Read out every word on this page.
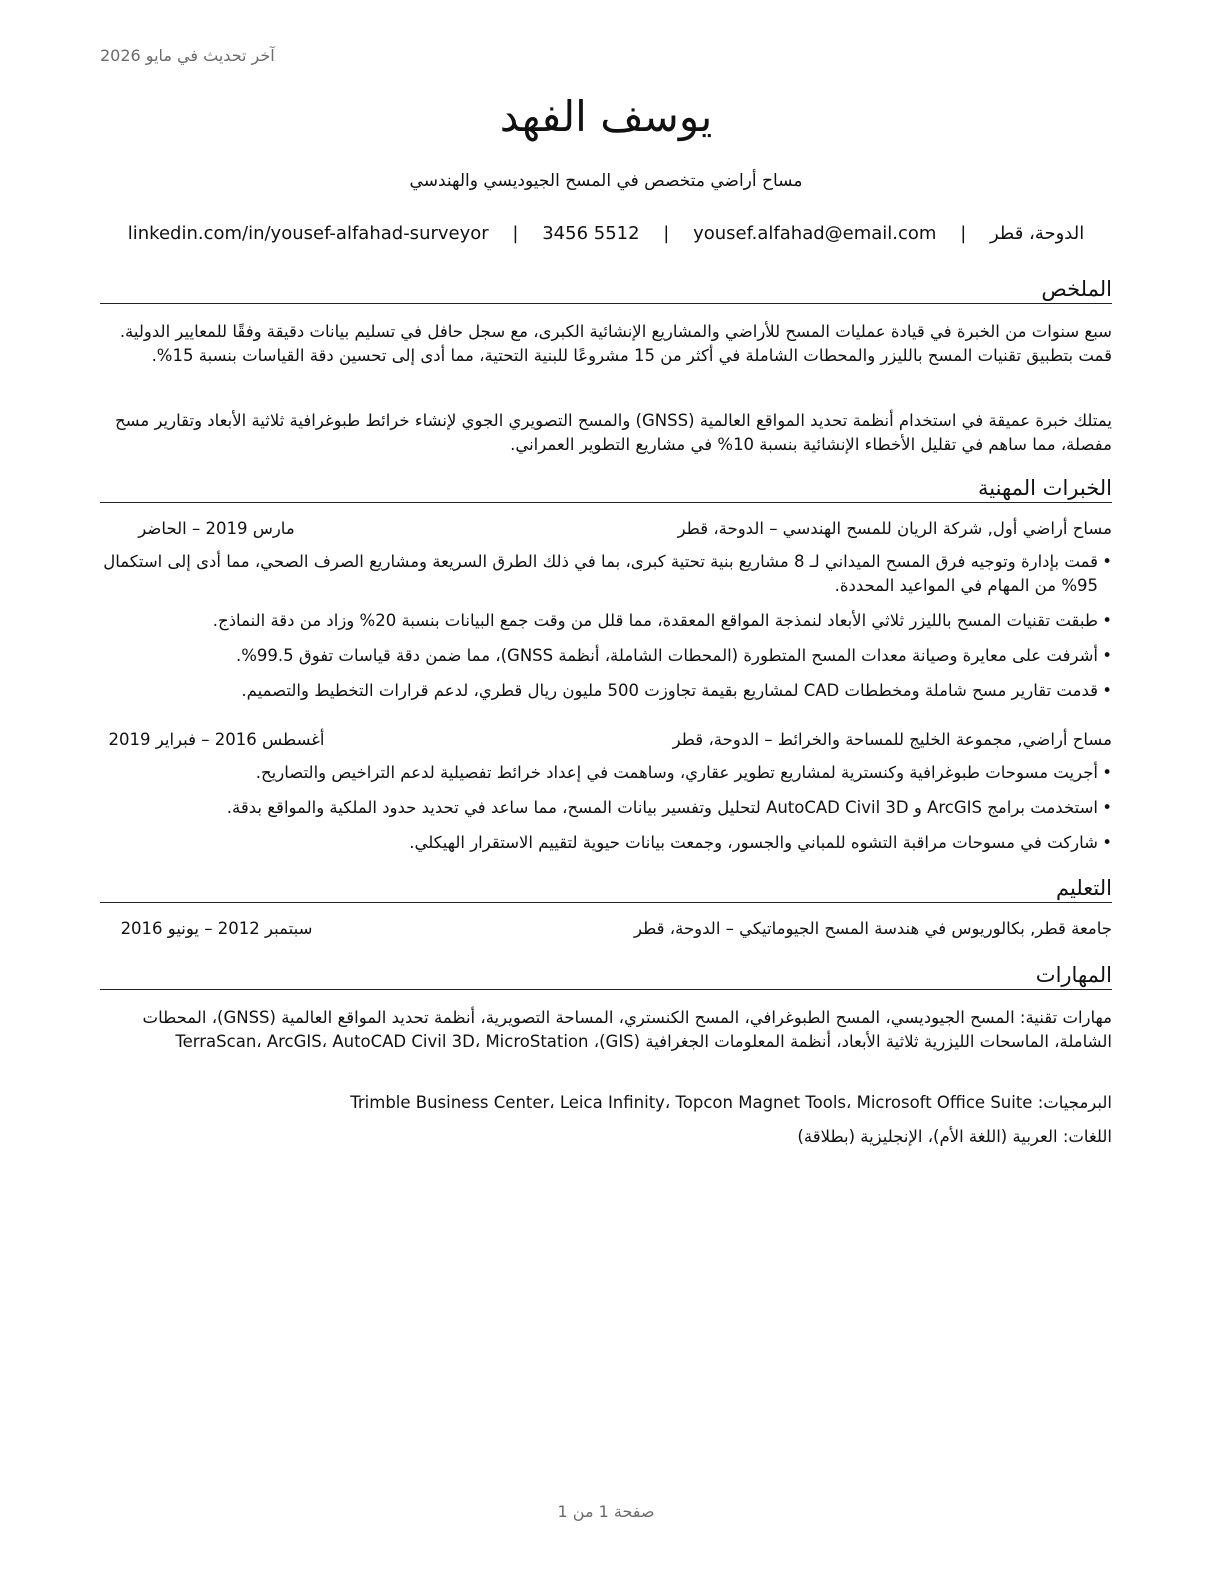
آخر تحديث في مايو 2026
يوسف الفهد
مساح أراضي متخصص في المسح الجيوديسي والهندسي
الدوحة، قطر | yousef.alfahad@email.com | 3456 5512 | linkedin.com/in/yousef-alfahad-surveyor
الملخص
سبع سنوات من الخبرة في قيادة عمليات المسح للأراضي والمشاريع الإنشائية الكبرى، مع سجل حافل في تسليم بيانات دقيقة وفقًا للمعايير الدولية. قمت بتطبيق تقنيات المسح بالليزر والمحطات الشاملة في أكثر من 15 مشروعًا للبنية التحتية، مما أدى إلى تحسين دقة القياسات بنسبة 15%.
يمتلك خبرة عميقة في استخدام أنظمة تحديد المواقع العالمية (GNSS) والمسح التصويري الجوي لإنشاء خرائط طبوغرافية ثلاثية الأبعاد وتقارير مسح مفصلة، مما ساهم في تقليل الأخطاء الإنشائية بنسبة 10% في مشاريع التطوير العمراني.
الخبرات المهنية
مساح أراضي أول, شركة الريان للمسح الهندسي – الدوحة، قطر
مارس 2019 – الحاضر
• قمت بإدارة وتوجيه فرق المسح الميداني لـ 8 مشاريع بنية تحتية كبرى، بما في ذلك الطرق السريعة ومشاريع الصرف الصحي، مما أدى إلى استكمال 95% من المهام في المواعيد المحددة.
• طبقت تقنيات المسح بالليزر ثلاثي الأبعاد لنمذجة المواقع المعقدة، مما قلل من وقت جمع البيانات بنسبة 20% وزاد من دقة النماذج.
• أشرفت على معايرة وصيانة معدات المسح المتطورة (المحطات الشاملة، أنظمة GNSS)، مما ضمن دقة قياسات تفوق 99.5%.
• قدمت تقارير مسح شاملة ومخططات CAD لمشاريع بقيمة تجاوزت 500 مليون ريال قطري، لدعم قرارات التخطيط والتصميم.
مساح أراضي, مجموعة الخليج للمساحة والخرائط – الدوحة، قطر
أغسطس 2016 – فبراير 2019
• أجريت مسوحات طبوغرافية وكنسترية لمشاريع تطوير عقاري، وساهمت في إعداد خرائط تفصيلية لدعم التراخيص والتصاريح.
• استخدمت برامج ArcGIS و AutoCAD Civil 3D لتحليل وتفسير بيانات المسح، مما ساعد في تحديد حدود الملكية والمواقع بدقة.
• شاركت في مسوحات مراقبة التشوه للمباني والجسور، وجمعت بيانات حيوية لتقييم الاستقرار الهيكلي.
التعليم
جامعة قطر, بكالوريوس في هندسة المسح الجيوماتيكي – الدوحة، قطر
سبتمبر 2012 – يونيو 2016
المهارات
مهارات تقنية: المسح الجيوديسي، المسح الطبوغرافي، المسح الكنستري، المساحة التصويرية، أنظمة تحديد المواقع العالمية (GNSS)، المحطات الشاملة، الماسحات الليزرية ثلاثية الأبعاد، أنظمة المعلومات الجغرافية (GIS)، TerraScan، ArcGIS، AutoCAD Civil 3D، MicroStation
البرمجيات: Trimble Business Center، Leica Infinity، Topcon Magnet Tools، Microsoft Office Suite
اللغات: العربية (اللغة الأم)، الإنجليزية (بطلاقة)
صفحة 1 من 1
